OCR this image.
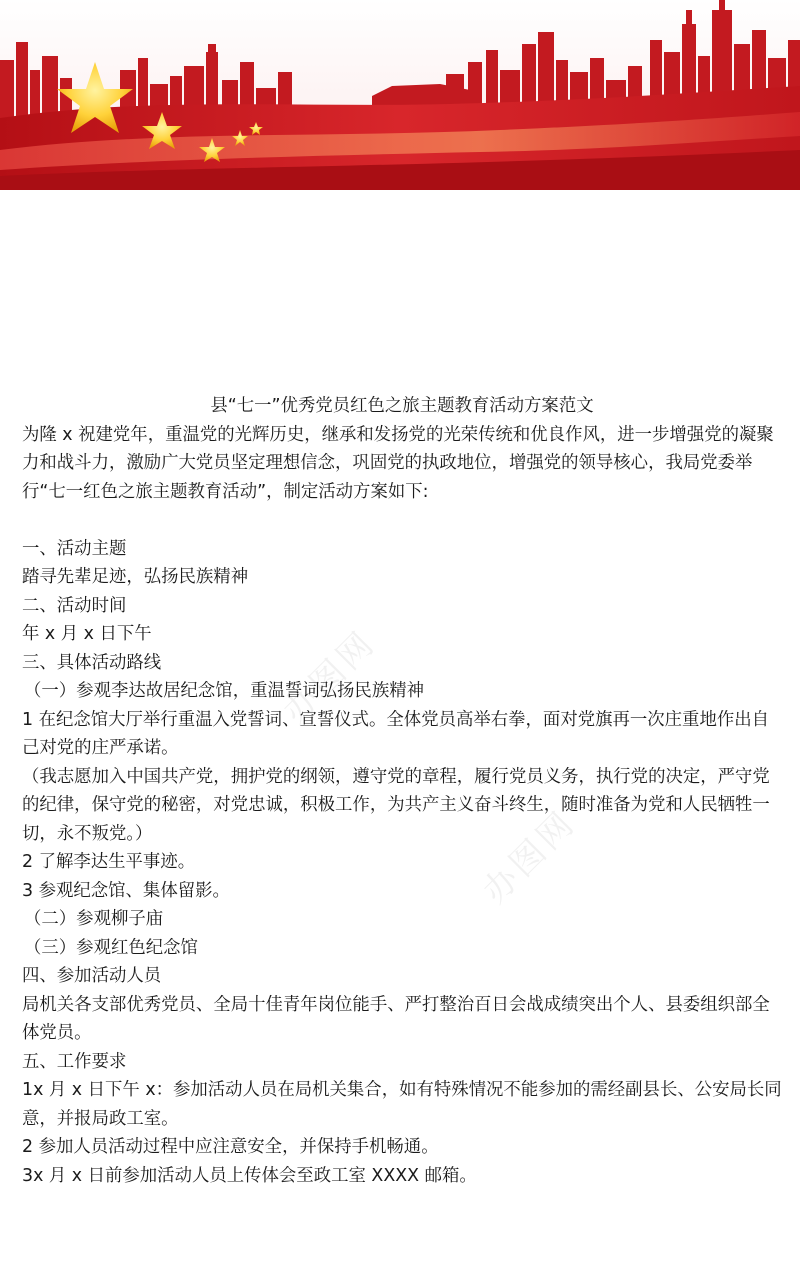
办图网
办图网
县“七一”优秀党员红色之旅主题教育活动方案范文

为隆 x 祝建党年，重温党的光辉历史，继承和发扬党的光荣传统和优良作风，进一步增强党的凝聚力和战斗力，激励广大党员坚定理想信念，巩固党的执政地位，增强党的领导核心，我局党委举行“七一红色之旅主题教育活动”，制定活动方案如下:

一、活动主题

踏寻先辈足迹，弘扬民族精神

二、活动时间

年 x 月 x 日下午

三、具体活动路线

（一）参观李达故居纪念馆，重温誓词弘扬民族精神

1 在纪念馆大厅举行重温入党誓词、宣誓仪式。全体党员高举右拳，面对党旗再一次庄重地作出自己对党的庄严承诺。

（我志愿加入中国共产党，拥护党的纲领，遵守党的章程，履行党员义务，执行党的决定，严守党的纪律，保守党的秘密，对党忠诚，积极工作，为共产主义奋斗终生，随时准备为党和人民牺牲一切，永不叛党。）

2 了解李达生平事迹。

3 参观纪念馆、集体留影。

（二）参观柳子庙

（三）参观红色纪念馆

四、参加活动人员

局机关各支部优秀党员、全局十佳青年岗位能手、严打整治百日会战成绩突出个人、县委组织部全体党员。

五、工作要求

1x 月 x 日下午 x：参加活动人员在局机关集合，如有特殊情况不能参加的需经副县长、公安局长同意，并报局政工室。

2 参加人员活动过程中应注意安全，并保持手机畅通。

3x 月 x 日前参加活动人员上传体会至政工室 XXXX 邮箱。
